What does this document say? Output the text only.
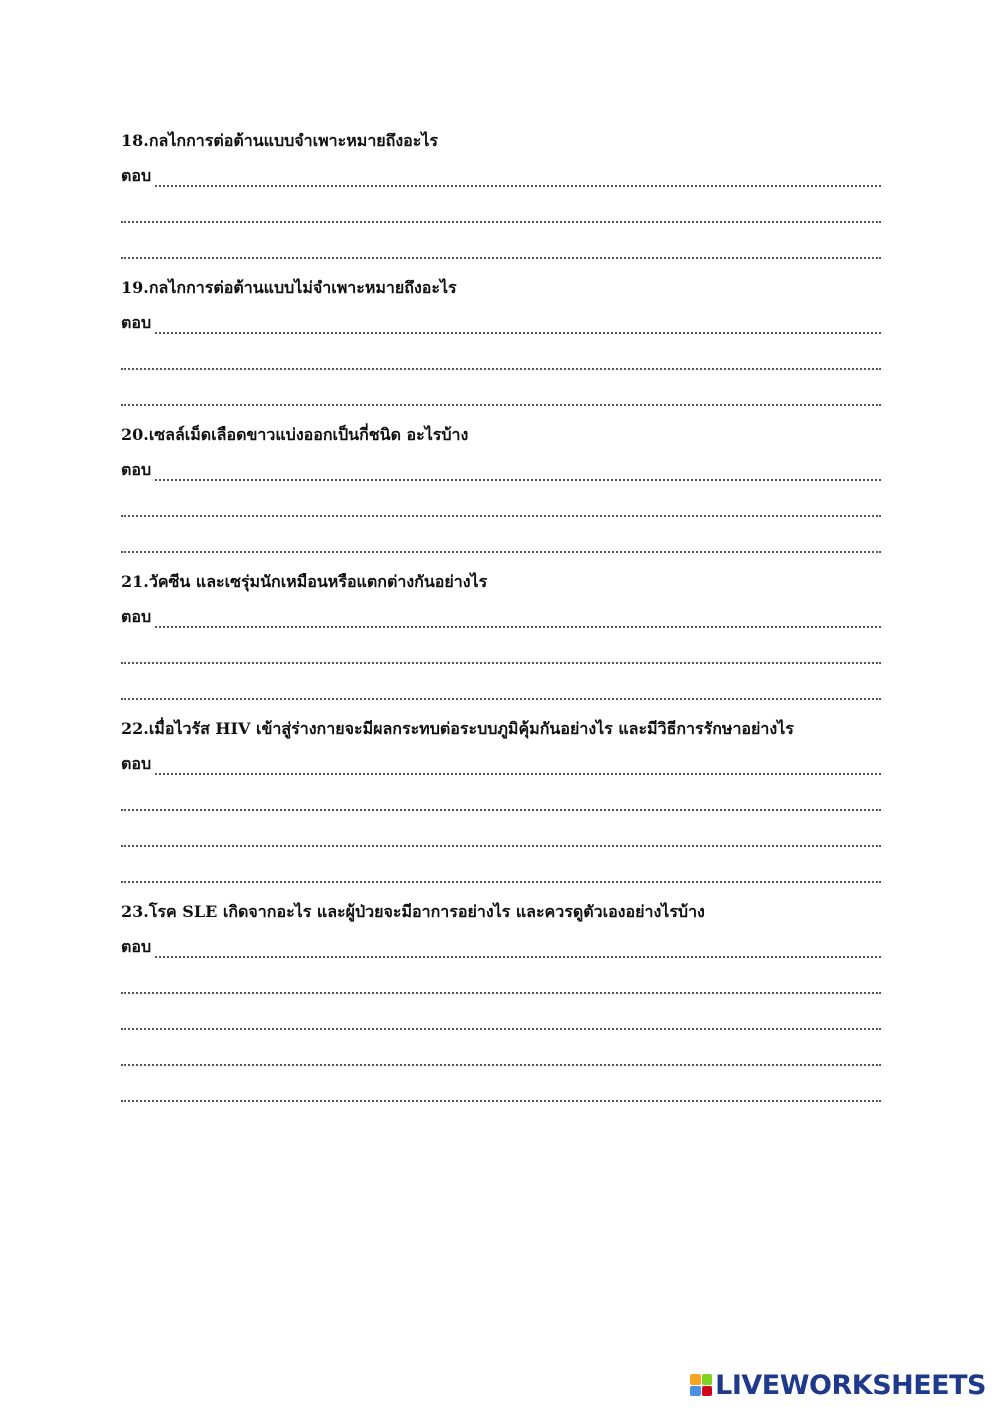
18.กลไกการต่อต้านแบบจำเพาะหมายถึงอะไร
ตอบ
19.กลไกการต่อต้านแบบไม่จำเพาะหมายถึงอะไร
ตอบ
20.เซลล์เม็ดเลือดขาวแบ่งออกเป็นกี่ชนิด อะไรบ้าง
ตอบ
21.วัคซีน และเซรุ่มนักเหมือนหรือแตกต่างกันอย่างไร
ตอบ
22.เมื่อไวรัส HIV เข้าสู่ร่างกายจะมีผลกระทบต่อระบบภูมิคุ้มกันอย่างไร และมีวิธีการรักษาอย่างไร
ตอบ
23.โรค SLE เกิดจากอะไร และผู้ป่วยจะมีอาการอย่างไร และควรดูตัวเองอย่างไรบ้าง
ตอบ
LIVEWORKSHEETS
